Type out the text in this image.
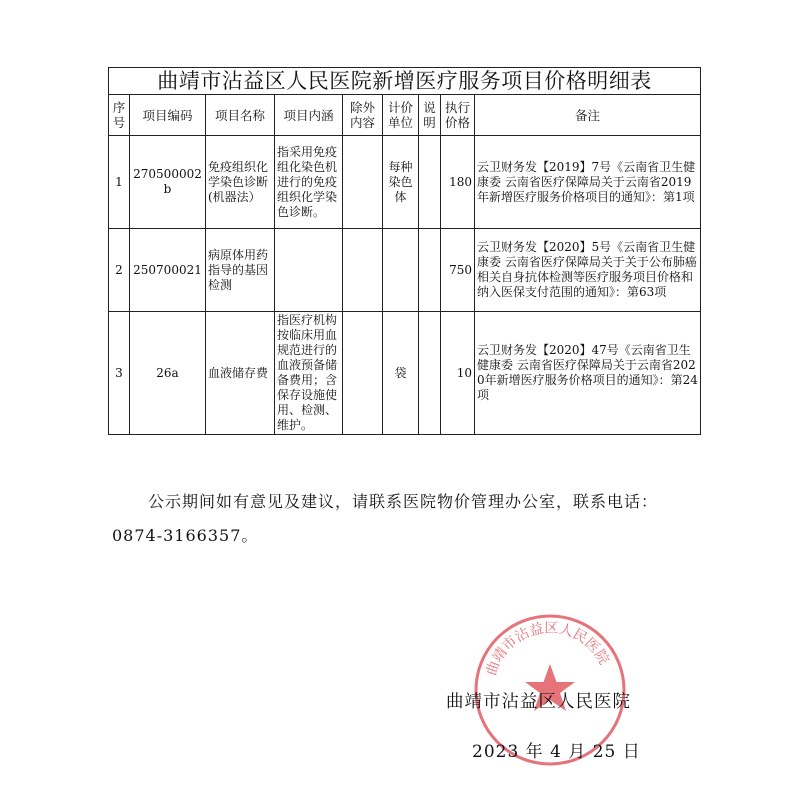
曲靖市沾益区人民医院新增医疗服务项目价格明细表								
序号	项目编码	项目名称	项目内涵	除外内容	计价单位	说明	执行价格	备注
1	270500002b	免疫组织化学染色诊断(机器法）	指采用免疫组化染色机进行的免疫组织化学染色诊断。		每种染色体		180	云卫财务发【2019】7号《云南省卫生健康委 云南省医疗保障局关于云南省2019年新增医疗服务价格项目的通知》：第1项
2	250700021	病原体用药指导的基因检测					750	云卫财务发【2020】5号《云南省卫生健康委 云南省医疗保障局关于关于公布肺癌相关自身抗体检测等医疗服务项目价格和纳入医保支付范围的通知》：第63项
3	26a	血液储存费	指医疗机构按临床用血规范进行的血液预备储备费用；含保存设施使用、检测、维护。		袋		10	云卫财务发【2020】47号《云南省卫生健康委 云南省医疗保障局关于云南省2020年新增医疗服务价格项目的通知》：第24项
公示期间如有意见及建议，请联系医院物价管理办公室，联系电话：0874-3166357。
曲靖市沾益区人民医院
曲靖市沾益区人民医院
2023 年 4 月 25 日
